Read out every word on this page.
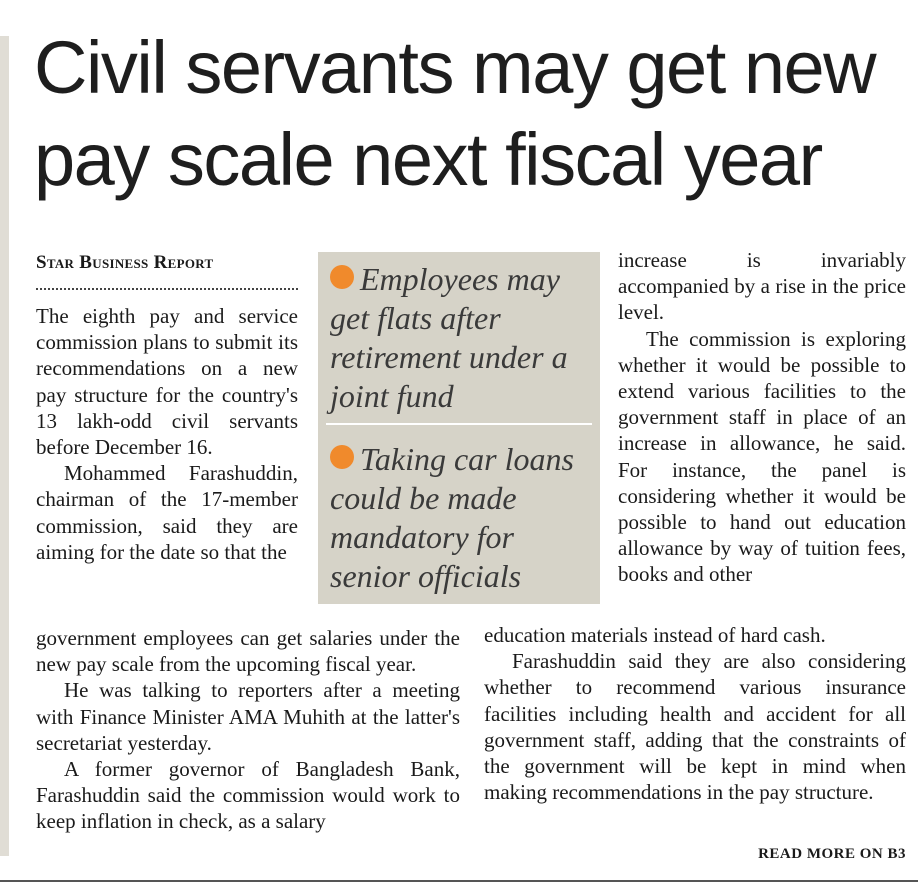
Civil servants may get new
pay scale next fiscal year

Star Business Report

The eighth pay and service commission plans to submit its recommendations on a new pay structure for the country's 13 lakh-odd civil servants before December 16.

Mohammed Farashuddin, chairman of the 17-member commission, said they are aiming for the date so that the

Employees may get flats after retirement under a joint fund

Taking car loans could be made mandatory for senior officials

increase is invariably accompanied by a rise in the price level.

The commission is exploring whether it would be possible to extend various facilities to the government staff in place of an increase in allowance, he said. For instance, the panel is considering whether it would be possible to hand out education allowance by way of tuition fees, books and other

government employees can get salaries under the new pay scale from the upcoming fiscal year.

He was talking to reporters after a meeting with Finance Minister AMA Muhith at the latter's secretariat yesterday.

A former governor of Bangladesh Bank, Farashuddin said the commission would work to keep inflation in check, as a salary

education materials instead of hard cash.

Farashuddin said they are also considering whether to recommend various insurance facilities including health and accident for all government staff, adding that the constraints of the government will be kept in mind when making recommendations in the pay structure.

READ MORE ON B3
